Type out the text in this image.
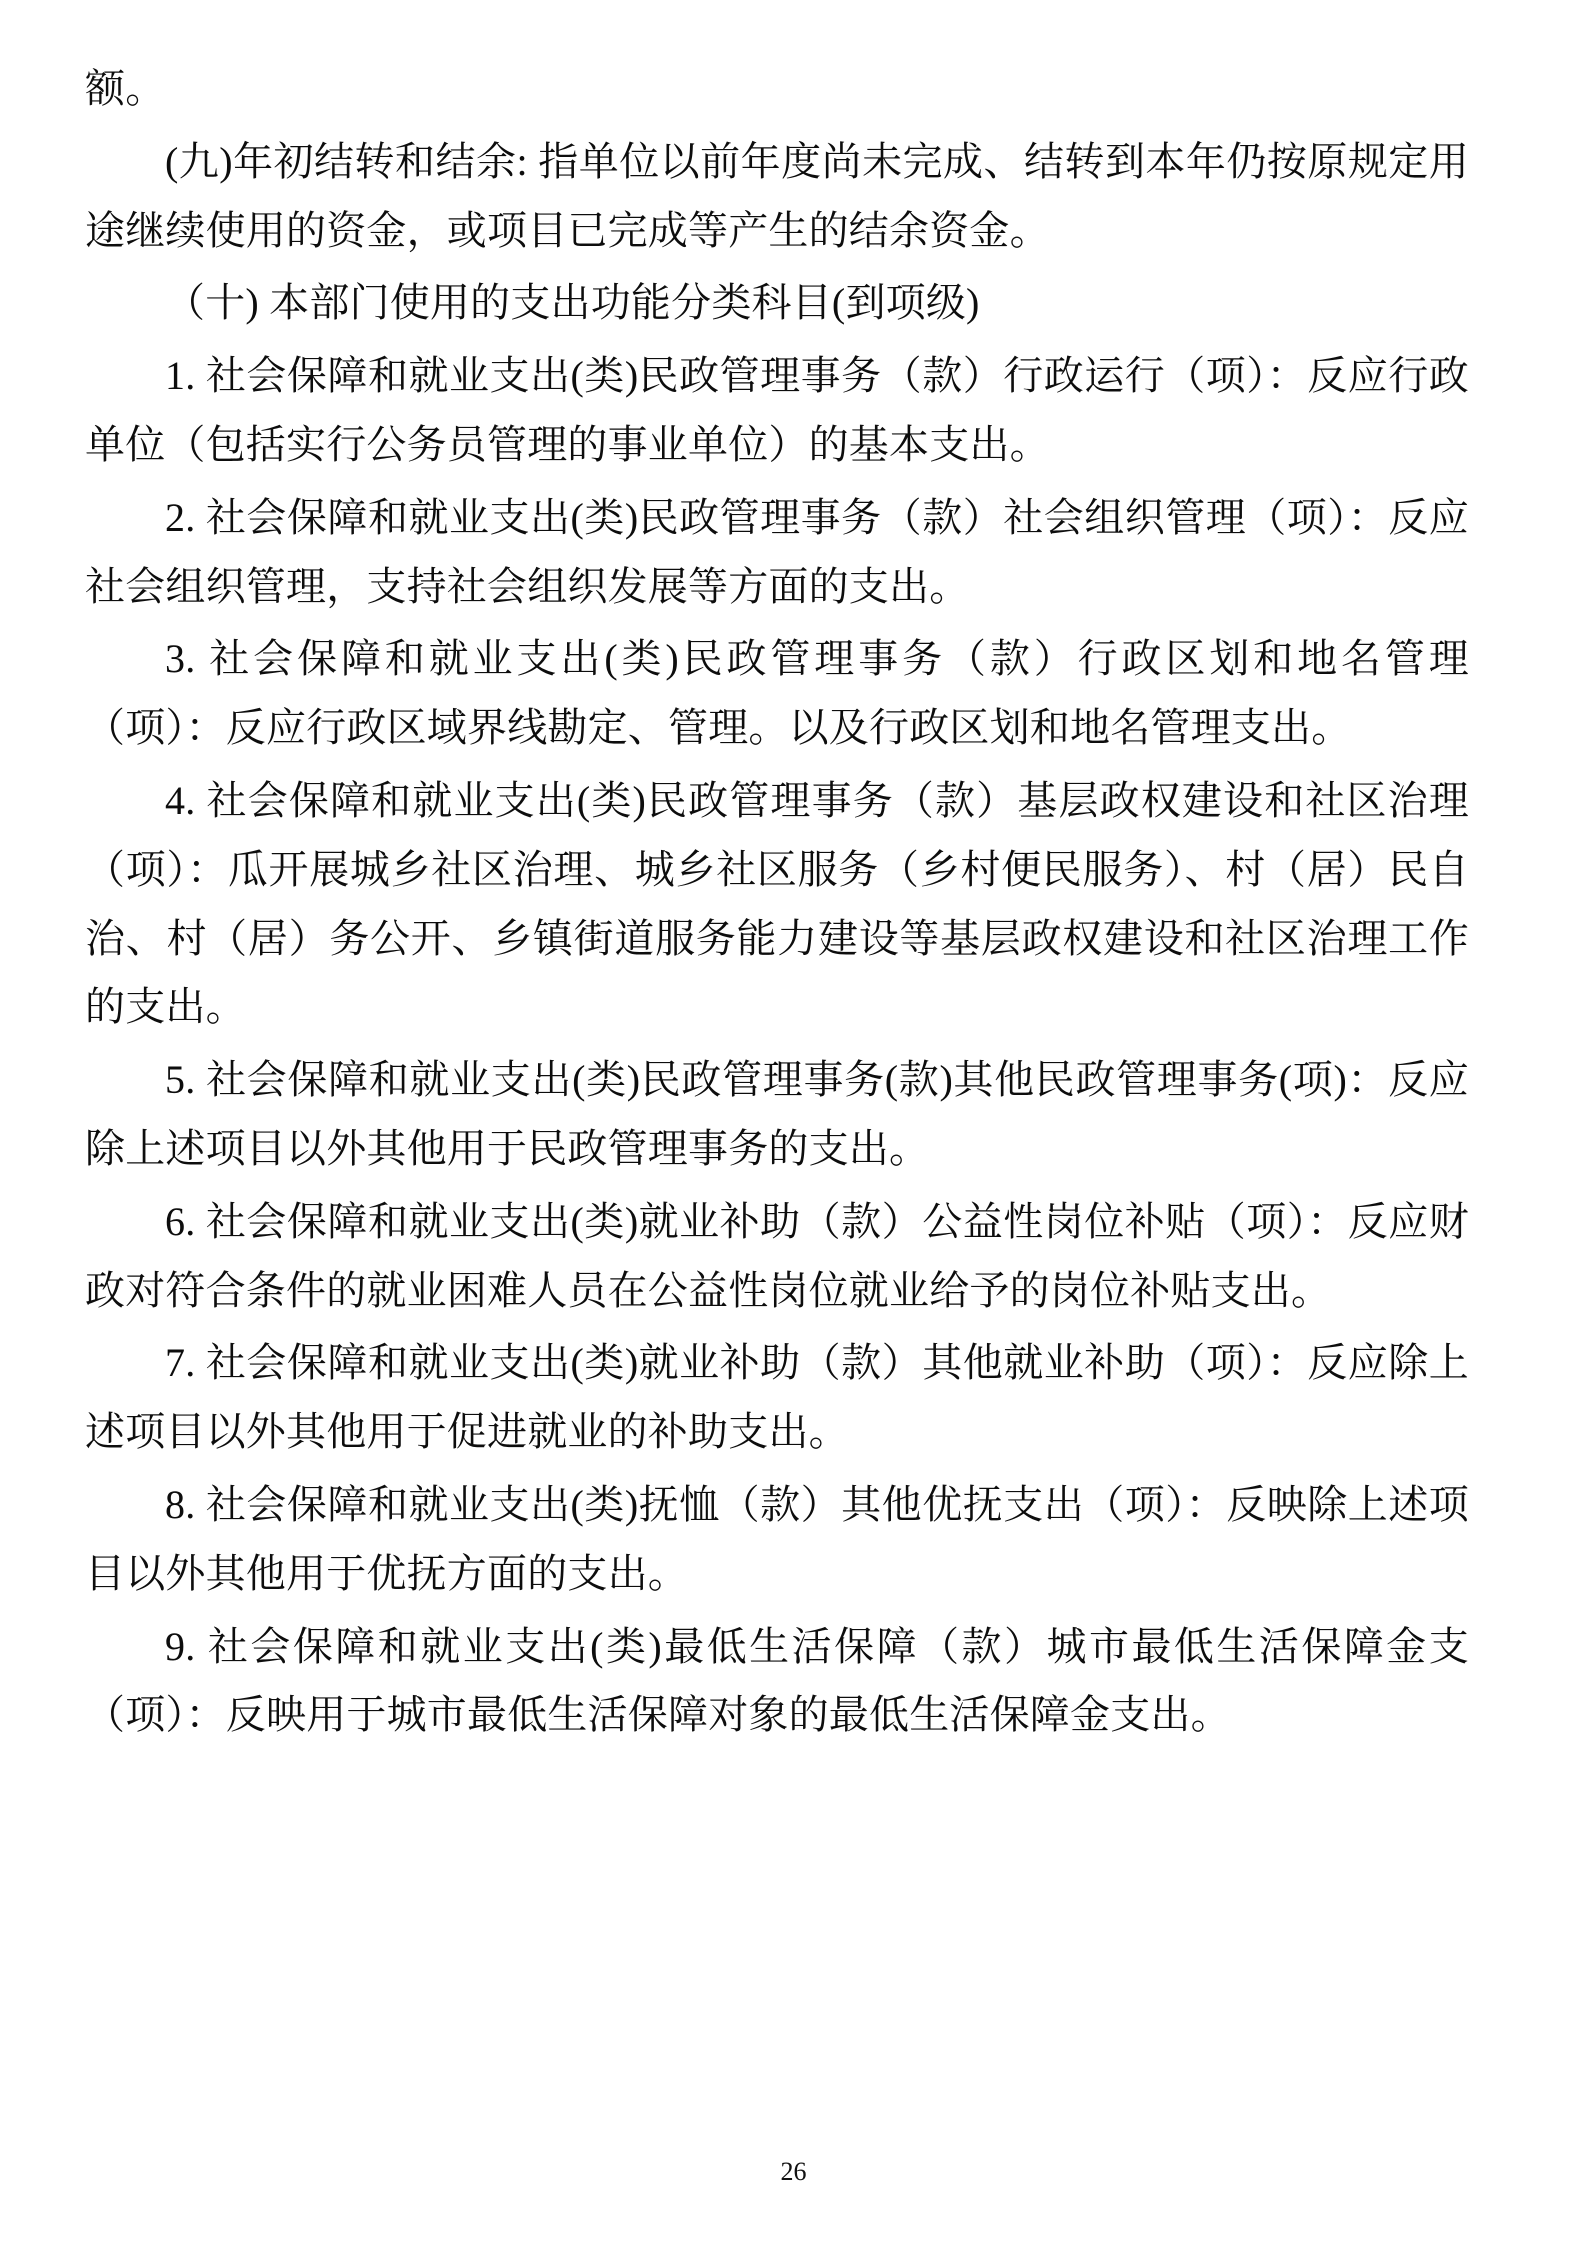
额。

(九)年初结转和结余: 指单位以前年度尚未完成、结转到本年仍按原规定用途继续使用的资金，或项目已完成等产生的结余资金。

（十) 本部门使用的支出功能分类科目(到项级)

1. 社会保障和就业支出(类)民政管理事务（款）行政运行（项）：反应行政单位（包括实行公务员管理的事业单位）的基本支出。

2. 社会保障和就业支出(类)民政管理事务（款）社会组织管理（项）：反应社会组织管理，支持社会组织发展等方面的支出。

3. 社会保障和就业支出(类)民政管理事务（款）行政区划和地名管理（项）：反应行政区域界线勘定、管理。以及行政区划和地名管理支出。

4. 社会保障和就业支出(类)民政管理事务（款）基层政权建设和社区治理（项）：瓜开展城乡社区治理、城乡社区服务（乡村便民服务）、村（居）民自治、村（居）务公开、乡镇街道服务能力建设等基层政权建设和社区治理工作的支出。

5. 社会保障和就业支出(类)民政管理事务(款)其他民政管理事务(项)：反应除上述项目以外其他用于民政管理事务的支出。

6. 社会保障和就业支出(类)就业补助（款）公益性岗位补贴（项）：反应财政对符合条件的就业困难人员在公益性岗位就业给予的岗位补贴支出。

7. 社会保障和就业支出(类)就业补助（款）其他就业补助（项）：反应除上述项目以外其他用于促进就业的补助支出。

8. 社会保障和就业支出(类)抚恤（款）其他优抚支出（项）：反映除上述项目以外其他用于优抚方面的支出。

9. 社会保障和就业支出(类)最低生活保障（款）城市最低生活保障金支（项）：反映用于城市最低生活保障对象的最低生活保障金支出。

26
